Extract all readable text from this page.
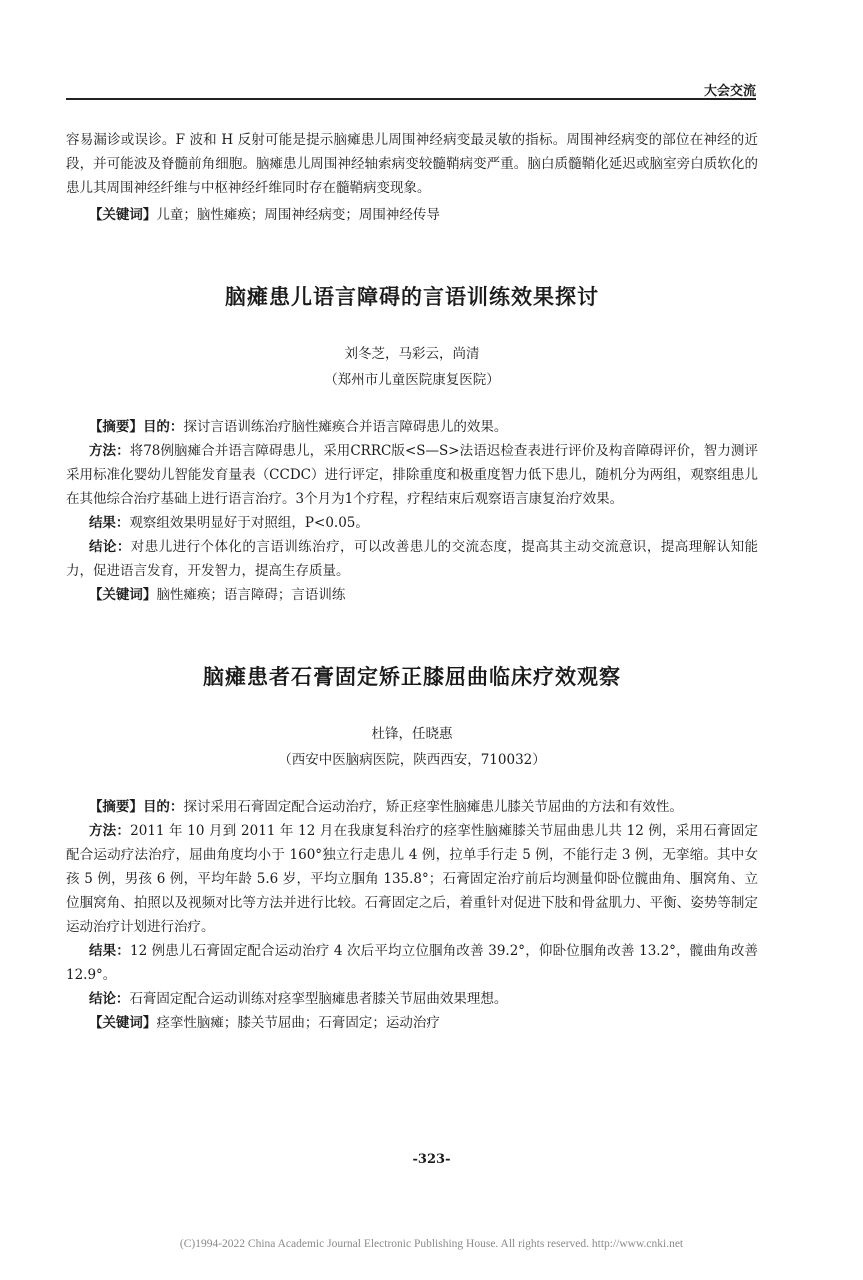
大会交流

容易漏诊或误诊。F 波和 H 反射可能是提示脑瘫患儿周围神经病变最灵敏的指标。周围神经病变的部位在神经的近段，并可能波及脊髓前角细胞。脑瘫患儿周围神经轴索病变较髓鞘病变严重。脑白质髓鞘化延迟或脑室旁白质软化的患儿其周围神经纤维与中枢神经纤维同时存在髓鞘病变现象。

【关键词】儿童；脑性瘫痪；周围神经病变；周围神经传导

脑瘫患儿语言障碍的言语训练效果探讨

刘冬芝，马彩云，尚清

（郑州市儿童医院康复医院）

【摘要】目的：探讨言语训练治疗脑性瘫痪合并语言障碍患儿的效果。

方法：将78例脑瘫合并语言障碍患儿，采用CRRC版<S—S>法语迟检查表进行评价及构音障碍评价，智力测评采用标准化婴幼儿智能发育量表（CCDC）进行评定，排除重度和极重度智力低下患儿，随机分为两组，观察组患儿在其他综合治疗基础上进行语言治疗。3个月为1个疗程，疗程结束后观察语言康复治疗效果。

结果：观察组效果明显好于对照组，P<0.05。

结论：对患儿进行个体化的言语训练治疗，可以改善患儿的交流态度，提高其主动交流意识，提高理解认知能力，促进语言发育，开发智力，提高生存质量。

【关键词】脑性瘫痪；语言障碍；言语训练

脑瘫患者石膏固定矫正膝屈曲临床疗效观察

杜锋，任晓惠

（西安中医脑病医院，陕西西安，710032）

【摘要】目的：探讨采用石膏固定配合运动治疗，矫正痉挛性脑瘫患儿膝关节屈曲的方法和有效性。

方法：2011 年 10 月到 2011 年 12 月在我康复科治疗的痉挛性脑瘫膝关节屈曲患儿共 12 例，采用石膏固定配合运动疗法治疗，屈曲角度均小于 160°独立行走患儿 4 例，拉单手行走 5 例，不能行走 3 例，无挛缩。其中女孩 5 例，男孩 6 例，平均年龄 5.6 岁，平均立腘角 135.8°；石膏固定治疗前后均测量仰卧位髋曲角、腘窝角、立位腘窝角、拍照以及视频对比等方法并进行比较。石膏固定之后，着重针对促进下肢和骨盆肌力、平衡、姿势等制定运动治疗计划进行治疗。

结果：12 例患儿石膏固定配合运动治疗 4 次后平均立位腘角改善 39.2°，仰卧位腘角改善 13.2°，髋曲角改善 12.9°。

结论：石膏固定配合运动训练对痉挛型脑瘫患者膝关节屈曲效果理想。

【关键词】痉挛性脑瘫；膝关节屈曲；石膏固定；运动治疗

-323-
(C)1994-2022 China Academic Journal Electronic Publishing House. All rights reserved. http://www.cnki.net
